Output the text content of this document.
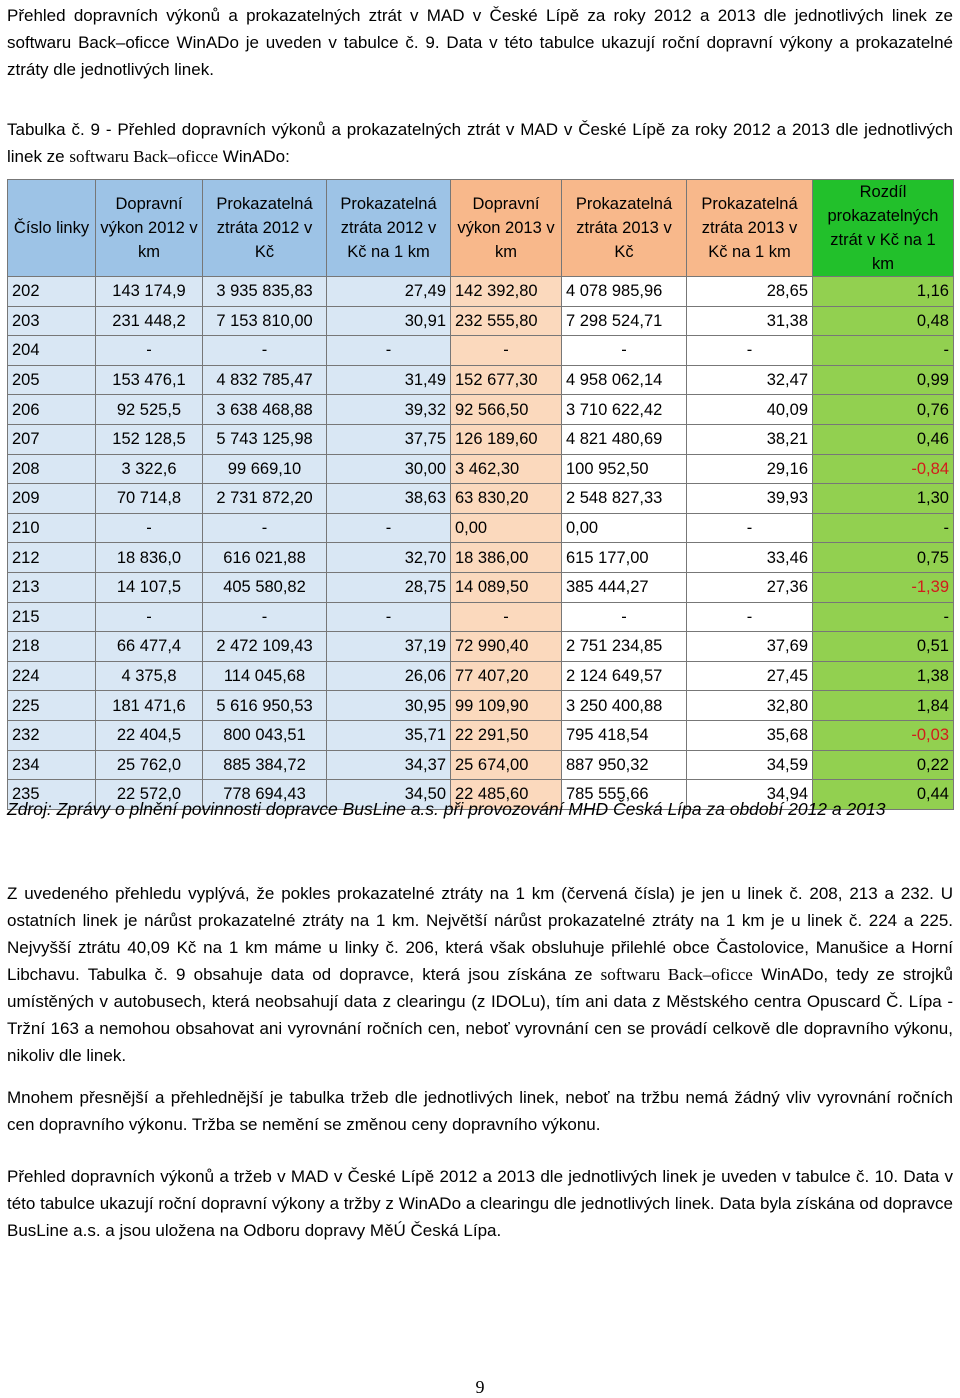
Přehled dopravních výkonů a prokazatelných ztrát v MAD v České Lípě za roky 2012 a 2013 dle jednotlivých linek ze softwaru Back–oficce WinADo je uveden v tabulce č. 9. Data v této tabulce ukazují roční dopravní výkony a prokazatelné ztráty dle jednotlivých linek.

Tabulka č. 9 - Přehled dopravních výkonů a prokazatelných ztrát v MAD v České Lípě za roky 2012 a 2013 dle jednotlivých linek ze softwaru Back–oficce WinADo:

Číslo linky	Dopravní výkon 2012 v km	Prokazatelná ztráta 2012 v Kč	Prokazatelná ztráta 2012 v Kč na 1 km	Dopravní výkon 2013 v km	Prokazatelná ztráta 2013 v Kč	Prokazatelná ztráta 2013 v Kč na 1 km	Rozdíl prokazatelných ztrát v Kč na 1 km
202	143 174,9	3 935 835,83	27,49	142 392,80	4 078 985,96	28,65	1,16
203	231 448,2	7 153 810,00	30,91	232 555,80	7 298 524,71	31,38	0,48
204	-	-	-	-	-	-	-
205	153 476,1	4 832 785,47	31,49	152 677,30	4 958 062,14	32,47	0,99
206	92 525,5	3 638 468,88	39,32	92 566,50	3 710 622,42	40,09	0,76
207	152 128,5	5 743 125,98	37,75	126 189,60	4 821 480,69	38,21	0,46
208	3 322,6	99 669,10	30,00	3 462,30	100 952,50	29,16	-0,84
209	70 714,8	2 731 872,20	38,63	63 830,20	2 548 827,33	39,93	1,30
210	-	-	-	0,00	0,00	-	-
212	18 836,0	616 021,88	32,70	18 386,00	615 177,00	33,46	0,75
213	14 107,5	405 580,82	28,75	14 089,50	385 444,27	27,36	-1,39
215	-	-	-	-	-	-	-
218	66 477,4	2 472 109,43	37,19	72 990,40	2 751 234,85	37,69	0,51
224	4 375,8	114 045,68	26,06	77 407,20	2 124 649,57	27,45	1,38
225	181 471,6	5 616 950,53	30,95	99 109,90	3 250 400,88	32,80	1,84
232	22 404,5	800 043,51	35,71	22 291,50	795 418,54	35,68	-0,03
234	25 762,0	885 384,72	34,37	25 674,00	887 950,32	34,59	0,22
235	22 572,0	778 694,43	34,50	22 485,60	785 555,66	34,94	0,44

Zdroj: Zprávy o plnění povinnosti dopravce BusLine a.s. při provozování MHD Česká Lípa za období 2012 a 2013

Z uvedeného přehledu vyplývá, že pokles prokazatelné ztráty na 1 km (červená čísla) je jen u linek č. 208, 213 a 232. U ostatních linek je nárůst prokazatelné ztráty na 1 km. Největší nárůst prokazatelné ztráty na 1 km je u linek č. 224 a 225. Nejvyšší ztrátu 40,09 Kč na 1 km máme u linky č. 206, která však obsluhuje přilehlé obce Častolovice, Manušice a Horní Libchavu. Tabulka č. 9 obsahuje data od dopravce, která jsou získána ze softwaru Back–oficce WinADo, tedy ze strojků umístěných v autobusech, která neobsahují data z clearingu (z IDOLu), tím ani data z Městského centra Opuscard Č. Lípa - Tržní 163 a nemohou obsahovat ani vyrovnání ročních cen, neboť vyrovnání cen se provádí celkově dle dopravního výkonu, nikoliv dle linek.

Mnohem přesnější a přehlednější je tabulka tržeb dle jednotlivých linek, neboť na tržbu nemá žádný vliv vyrovnání ročních cen dopravního výkonu. Tržba se nemění se změnou ceny dopravního výkonu.

Přehled dopravních výkonů a tržeb v MAD v České Lípě 2012 a 2013 dle jednotlivých linek je uveden v tabulce č. 10. Data v této tabulce ukazují roční dopravní výkony a tržby z WinADo a clearingu dle jednotlivých linek. Data byla získána od dopravce BusLine a.s. a jsou uložena na Odboru dopravy MěÚ Česká Lípa.

9
